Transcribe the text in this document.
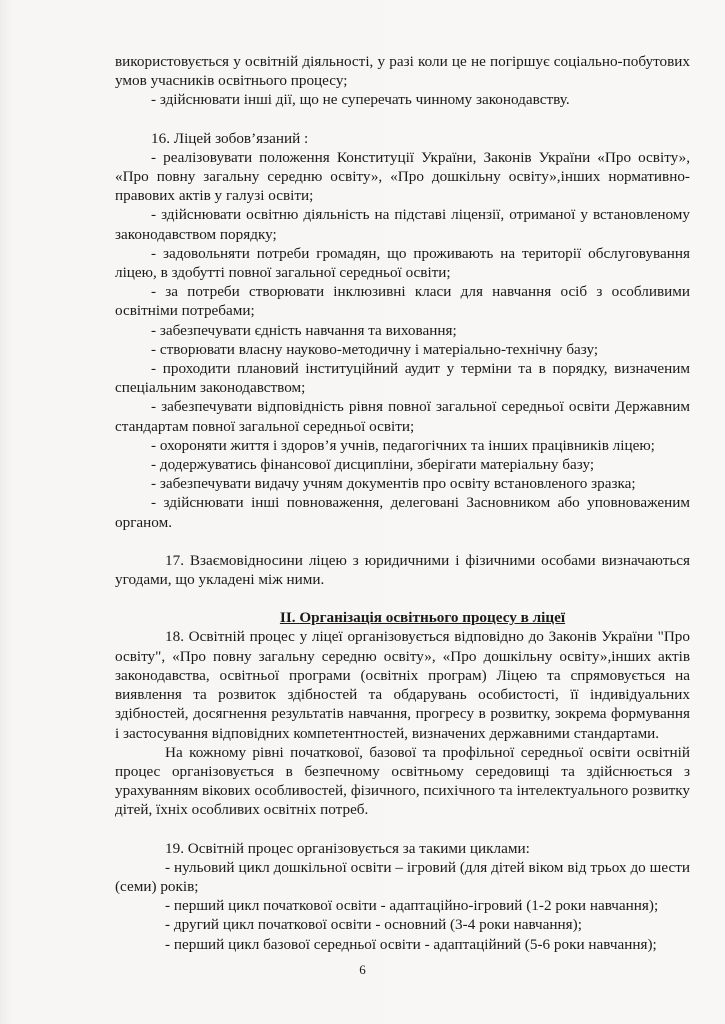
використовується у освітній діяльності, у разі коли це не погіршує соціально-побутових умов учасників освітнього процесу;

- здійснювати інші дії, що не суперечать чинному законодавству.

16. Ліцей зобов’язаний :

- реалізовувати положення Конституції України, Законів України «Про освіту», «Про повну загальну середню освіту», «Про дошкільну освіту»,інших нормативно-правових актів у галузі освіти;

- здійснювати освітню діяльність на підставі ліцензії, отриманої у встановленому законодавством порядку;

- задовольняти потреби громадян, що проживають на території обслуговування ліцею, в здобутті повної загальної середньої освіти;

- за потреби створювати інклюзивні класи для навчання осіб з особливими освітніми потребами;

- забезпечувати єдність навчання та виховання;

- створювати власну науково-методичну і матеріально-технічну базу;

- проходити плановий інституційний аудит у терміни та в порядку, визначеним спеціальним законодавством;

- забезпечувати відповідність рівня повної загальної середньої освіти Державним стандартам повної загальної середньої освіти;

- охороняти життя і здоров’я учнів, педагогічних та інших працівників ліцею;

- додержуватись фінансової дисципліни, зберігати матеріальну базу;

- забезпечувати видачу учням документів про освіту встановленого зразка;

- здійснювати інші повноваження, делеговані Засновником або уповноваженим органом.

17. Взаємовідносини ліцею з юридичними і фізичними особами визначаються угодами, що укладені між ними.

II. Організація освітнього процесу в ліцеї

18. Освітній процес у ліцеї організовується відповідно до Законів України "Про освіту", «Про повну загальну середню освіту», «Про дошкільну освіту»,інших актів законодавства, освітньої програми (освітніх програм) Ліцею та спрямовується на виявлення та розвиток здібностей та обдарувань особистості, її індивідуальних здібностей, досягнення результатів навчання, прогресу в розвитку, зокрема формування і застосування відповідних компетентностей, визначених державними стандартами.

На кожному рівні початкової, базової та профільної середньої освіти освітній процес організовується в безпечному освітньому середовищі та здійснюється з урахуванням вікових особливостей, фізичного, психічного та інтелектуального розвитку дітей, їхніх особливих освітніх потреб.

19. Освітній процес організовується за такими циклами:

- нульовий цикл дошкільної освіти – ігровий (для дітей віком від трьох до шести (семи) років;

- перший цикл початкової освіти - адаптаційно-ігровий (1-2 роки навчання);

- другий цикл початкової освіти - основний (3-4 роки навчання);

- перший цикл базової середньої освіти - адаптаційний (5-6 роки навчання);

6
